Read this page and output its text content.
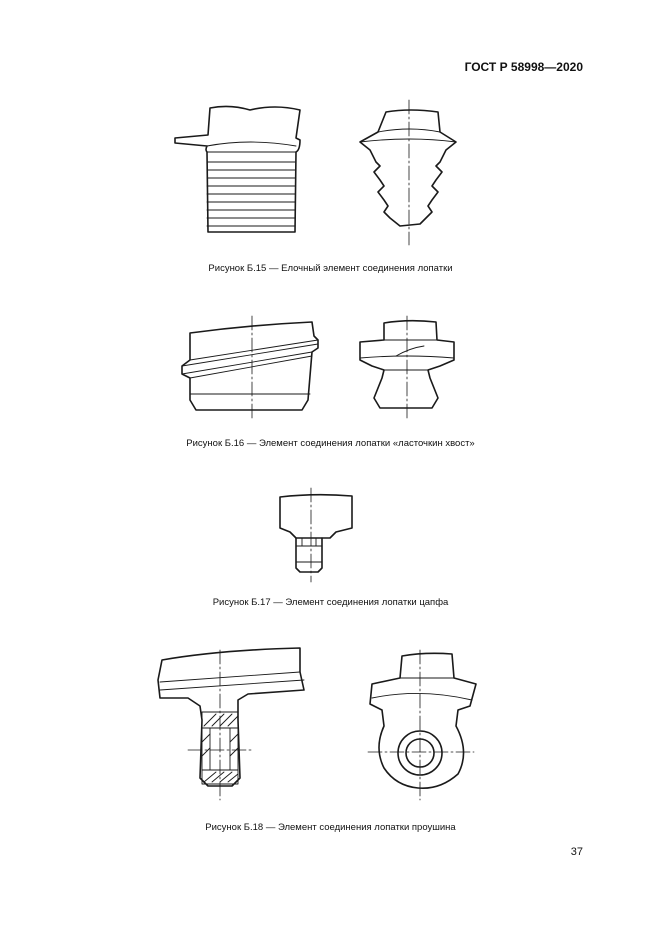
ГОСТ Р 58998—2020
Рисунок Б.15 — Елочный элемент соединения лопатки
Рисунок Б.16 — Элемент соединения лопатки «ласточкин хвост»
Рисунок Б.17 — Элемент соединения лопатки цапфа
Рисунок Б.18 — Элемент соединения лопатки проушина
37
